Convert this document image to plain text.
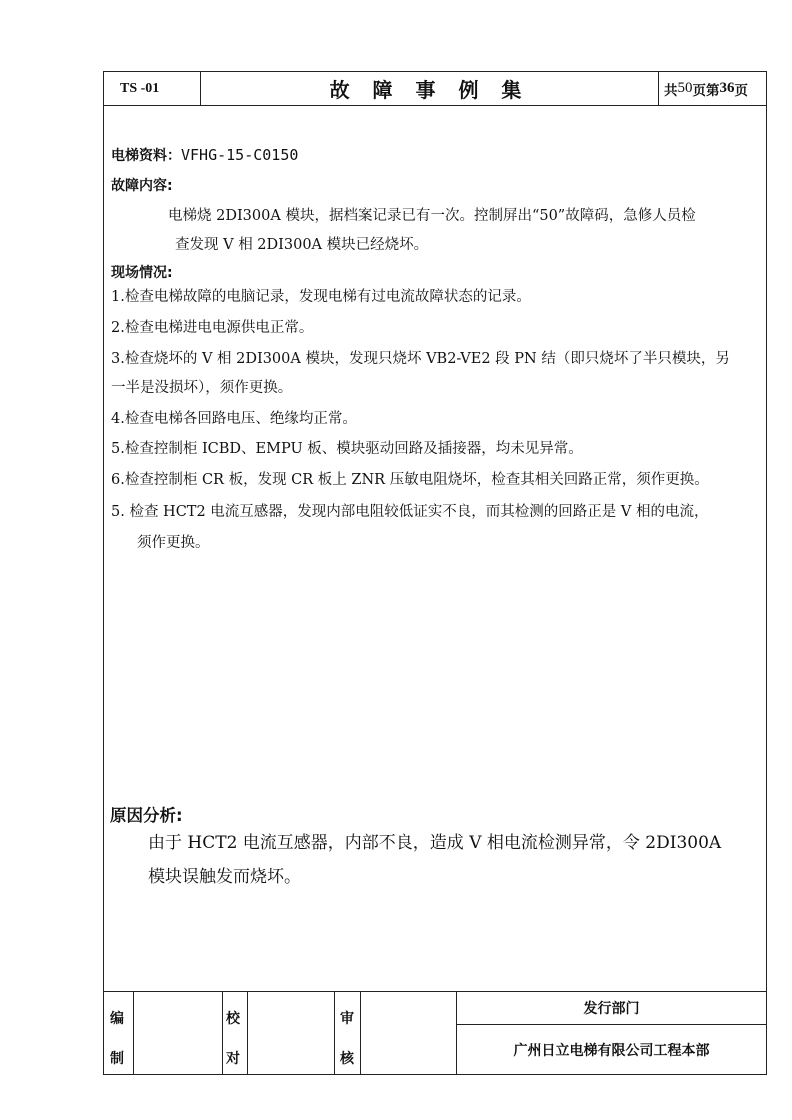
TS -01	故 障 事 例 集	共 50 页第 36 页
电梯资料：VFHG-15-C0150
故障内容:
电梯烧 2DI300A 模块，据档案记录已有一次。控制屏出“50”故障码，急修人员检
查发现 V 相 2DI300A 模块已经烧坏。
现场情况:
1.检查电梯故障的电脑记录，发现电梯有过电流故障状态的记录。
2.检查电梯进电电源供电正常。
3.检查烧坏的 V 相 2DI300A 模块，发现只烧坏 VB2-VE2 段 PN 结（即只烧坏了半只模块，另
一半是没损坏），须作更换。
4.检查电梯各回路电压、绝缘均正常。
5.检查控制柜 ICBD、EMPU 板、模块驱动回路及插接器，均未见异常。
6.检查控制柜 CR 板，发现 CR 板上 ZNR 压敏电阻烧坏，检查其相关回路正常，须作更换。
5. 检查 HCT2 电流互感器，发现内部电阻较低证实不良，而其检测的回路正是 V 相的电流，
须作更换。
原因分析:
由于 HCT2 电流互感器，内部不良，造成 V 相电流检测异常，令 2DI300A
模块误触发而烧坏。
编
制
校
对
审
核
发行部门
广州日立电梯有限公司工程本部
